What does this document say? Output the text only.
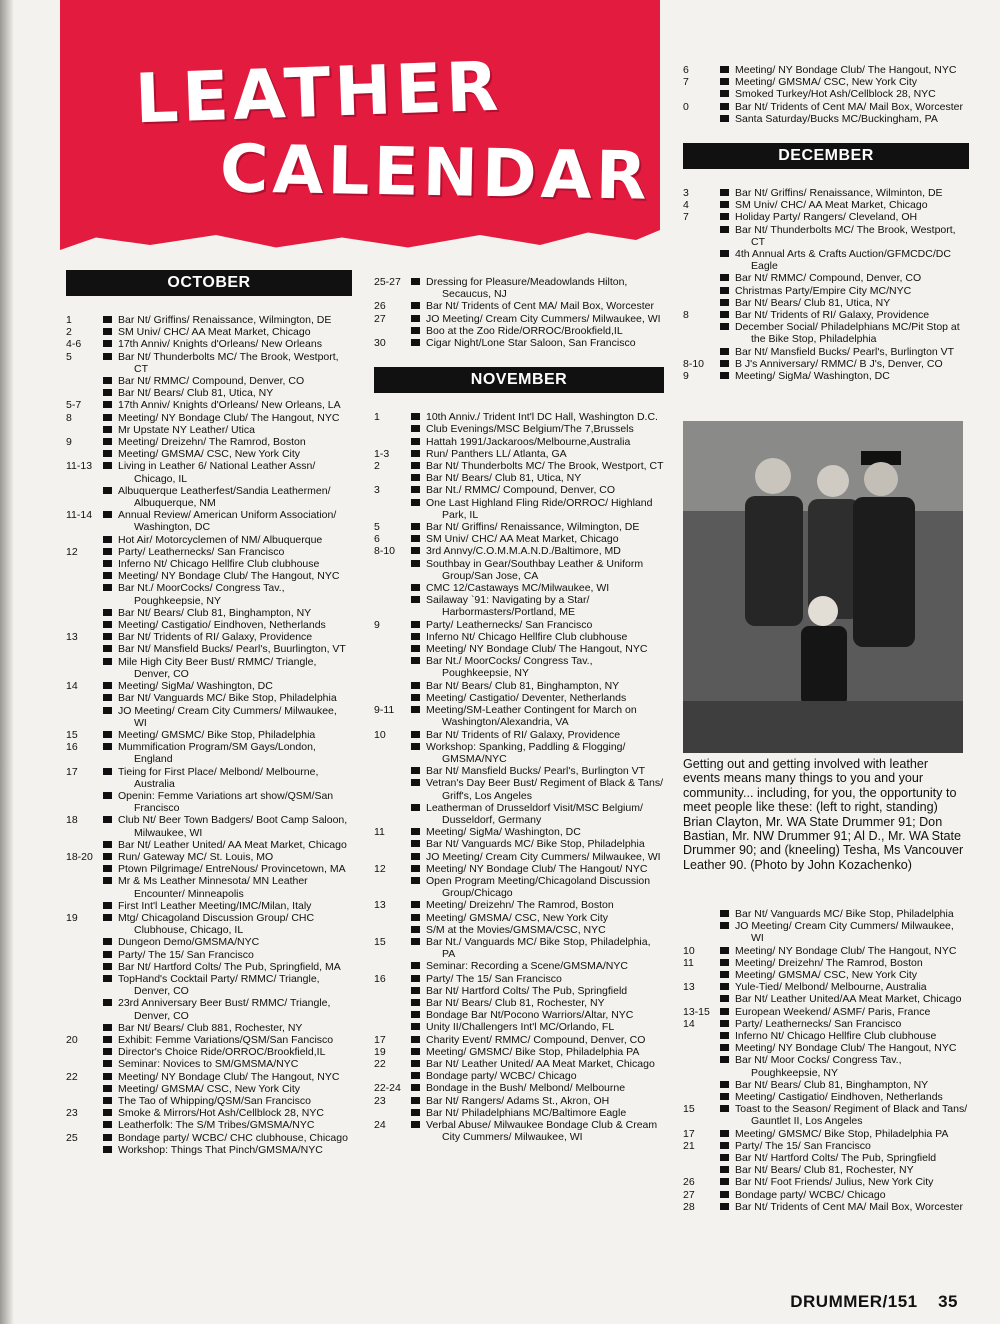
LEATHER
CALENDAR
OCTOBER
1	Bar Nt/ Griffins/ Renaissance, Wilmington, DE
2	SM Univ/ CHC/ AA Meat Market, Chicago
4-6	17th Anniv/ Knights d'Orleans/ New Orleans
5	Bar Nt/ Thunderbolts MC/ The Brook, Westport, CT
Bar Nt/ RMMC/ Compound, Denver, CO
Bar Nt/ Bears/ Club 81, Utica, NY
5-7	17th Anniv/ Knights d'Orleans/ New Orleans, LA
8	Meeting/ NY Bondage Club/ The Hangout, NYC
Mr Upstate NY Leather/ Utica
9	Meeting/ Dreizehn/ The Ramrod, Boston
Meeting/ GMSMA/ CSC, New York City
11-13	Living in Leather 6/ National Leather Assn/ Chicago, IL
Albuquerque Leatherfest/Sandia Leathermen/ Albuquerque, NM
11-14	Annual Review/ American Uniform Association/ Washington, DC
Hot Air/ Motorcyclemen of NM/ Albuquerque
12	Party/ Leathernecks/ San Francisco
Inferno Nt/ Chicago Hellfire Club clubhouse
Meeting/ NY Bondage Club/ The Hangout, NYC
Bar Nt./ MoorCocks/ Congress Tav., Poughkeepsie, NY
Bar Nt/ Bears/ Club 81, Binghampton, NY
Meeting/ Castigatio/ Eindhoven, Netherlands
13	Bar Nt/ Tridents of RI/ Galaxy, Providence
Bar Nt/ Mansfield Bucks/ Pearl's, Buurlington, VT
Mile High City Beer Bust/ RMMC/ Triangle, Denver, CO
14	Meeting/ SigMa/ Washington, DC
Bar Nt/ Vanguards MC/ Bike Stop, Philadelphia
JO Meeting/ Cream City Cummers/ Milwaukee, WI
15	Meeting/ GMSMC/ Bike Stop, Philadelphia
16	Mummification Program/SM Gays/London, England
17	Tieing for First Place/ Melbond/ Melbourne, Australia
Openin: Femme Variations art show/QSM/San Francisco
18	Club Nt/ Beer Town Badgers/ Boot Camp Saloon, Milwaukee, WI
Bar Nt/ Leather United/ AA Meat Market, Chicago
18-20	Run/ Gateway MC/ St. Louis, MO
Ptown Pilgrimage/ EntreNous/ Provincetown, MA
Mr & Ms Leather Minnesota/ MN Leather Encounter/ Minneapolis
First Int'l Leather Meeting/IMC/Milan, Italy
19	Mtg/ Chicagoland Discussion Group/ CHC Clubhouse, Chicago, IL
Dungeon Demo/GMSMA/NYC
Party/ The 15/ San Francisco
Bar Nt/ Hartford Colts/ The Pub, Springfield, MA
TopHand's Cocktail Party/ RMMC/ Triangle, Denver, CO
23rd Anniversary Beer Bust/ RMMC/ Triangle, Denver, CO
Bar Nt/ Bears/ Club 881, Rochester, NY
20	Exhibit: Femme Variations/QSM/San Fancisco
Director's Choice Ride/ORROC/Brookfield,IL
Seminar: Novices to SM/GMSMA/NYC
22	Meeting/ NY Bondage Club/ The Hangout, NYC
Meeting/ GMSMA/ CSC, New York City
The Tao of Whipping/QSM/San Francisco
23	Smoke & Mirrors/Hot Ash/Cellblock 28, NYC
Leatherfolk: The S/M Tribes/GMSMA/NYC
25	Bondage party/ WCBC/ CHC clubhouse, Chicago
Workshop: Things That Pinch/GMSMA/NYC
25-27	Dressing for Pleasure/Meadowlands Hilton, Secaucus, NJ
26	Bar Nt/ Tridents of Cent MA/ Mail Box, Worcester
27	JO Meeting/ Cream City Cummers/ Milwaukee, WI
Boo at the Zoo Ride/ORROC/Brookfield,IL
30	Cigar Night/Lone Star Saloon, San Francisco
NOVEMBER
1	10th Anniv./ Trident Int'l DC Hall, Washington D.C.
Club Evenings/MSC Belgium/The 7,Brussels
Hattah 1991/Jackaroos/Melbourne,Australia
1-3	Run/ Panthers LL/ Atlanta, GA
2	Bar Nt/ Thunderbolts MC/ The Brook, Westport, CT
Bar Nt/ Bears/ Club 81, Utica, NY
3	Bar Nt./ RMMC/ Compound, Denver, CO
One Last Highland Fling Ride/ORROC/ Highland Park, IL
5	Bar Nt/ Griffins/ Renaissance, Wilmington, DE
6	SM Univ/ CHC/ AA Meat Market, Chicago
8-10	3rd Annvy/C.O.M.M.A.N.D./Baltimore, MD
Southbay in Gear/Southbay Leather & Uniform Group/San Jose, CA
CMC 12/Castaways MC/Milwaukee, WI
Sailaway `91: Navigating by a Star/ Harbormasters/Portland, ME
9	Party/ Leathernecks/ San Francisco
Inferno Nt/ Chicago Hellfire Club clubhouse
Meeting/ NY Bondage Club/ The Hangout, NYC
Bar Nt./ MoorCocks/ Congress Tav., Poughkeepsie, NY
Bar Nt/ Bears/ Club 81, Binghampton, NY
Meeting/ Castigatio/ Deventer, Netherlands
9-11	Meeting/SM-Leather Contingent for March on Washington/Alexandria, VA
10	Bar Nt/ Tridents of RI/ Galaxy, Providence
Workshop: Spanking, Paddling & Flogging/ GMSMA/NYC
Bar Nt/ Mansfield Bucks/ Pearl's, Burlington VT
Vetran's Day Beer Bust/ Regiment of Black & Tans/ Griff's, Los Angeles
Leatherman of Drusseldorf Visit/MSC Belgium/ Dusseldorf, Germany
11	Meeting/ SigMa/ Washington, DC
Bar Nt/ Vanguards MC/ Bike Stop, Philadelphia
JO Meeting/ Cream City Cummers/ Milwaukee, WI
12	Meeting/ NY Bondage Club/ The Hangout/ NYC
Open Program Meeting/Chicagoland Discussion Group/Chicago
13	Meeting/ Dreizehn/ The Ramrod, Boston
Meeting/ GMSMA/ CSC, New York City
S/M at the Movies/GMSMA/CSC, NYC
15	Bar Nt./ Vanguards MC/ Bike Stop, Philadelphia, PA
Seminar: Recording a Scene/GMSMA/NYC
16	Party/ The 15/ San Francisco
Bar Nt/ Hartford Colts/ The Pub, Springfield
Bar Nt/ Bears/ Club 81, Rochester, NY
Bondage Bar Nt/Pocono Warriors/Altar, NYC
Unity II/Challengers Int'l MC/Orlando, FL
17	Charity Event/ RMMC/ Compound, Denver, CO
19	Meeting/ GMSMC/ Bike Stop, Philadelphia PA
22	Bar Nt/ Leather United/ AA Meat Market, Chicago
Bondage party/ WCBC/ Chicago
22-24	Bondage in the Bush/ Melbond/ Melbourne
23	Bar Nt/ Rangers/ Adams St., Akron, OH
Bar Nt/ Philadelphians MC/Baltimore Eagle
24	Verbal Abuse/ Milwaukee Bondage Club & Cream City Cummers/ Milwaukee, WI
6	Meeting/ NY Bondage Club/ The Hangout, NYC
7	Meeting/ GMSMA/ CSC, New York City
Smoked Turkey/Hot Ash/Cellblock 28, NYC
0	Bar Nt/ Tridents of Cent MA/ Mail Box, Worcester
Santa Saturday/Bucks MC/Buckingham, PA
DECEMBER
3	Bar Nt/ Griffins/ Renaissance, Wilminton, DE
4	SM Univ/ CHC/ AA Meat Market, Chicago
7	Holiday Party/ Rangers/ Cleveland, OH
Bar Nt/ Thunderbolts MC/ The Brook, Westport, CT
4th Annual Arts & Crafts Auction/GFMCDC/DC Eagle
Bar Nt/ RMMC/ Compound, Denver, CO
Christmas Party/Empire City MC/NYC
Bar Nt/ Bears/ Club 81, Utica, NY
8	Bar Nt/ Tridents of RI/ Galaxy, Providence
December Social/ Philadelphians MC/Pit Stop at the Bike Stop, Philadelphia
Bar Nt/ Mansfield Bucks/ Pearl's, Burlington VT
8-10	B J's Anniversary/ RMMC/ B J's, Denver, CO
9	Meeting/ SigMa/ Washington, DC
Getting out and getting involved with leather events means many things to you and your community... including, for you, the opportunity to meet people like these: (left to right, standing) Brian Clayton, Mr. WA State Drummer 91; Don Bastian, Mr. NW Drummer 91; Al D., Mr. WA State Drummer 90; and (kneeling) Tesha, Ms Vancouver Leather 90. (Photo by John Kozachenko)
Bar Nt/ Vanguards MC/ Bike Stop, Philadelphia
JO Meeting/ Cream City Cummers/ Milwaukee, WI
10	Meeting/ NY Bondage Club/ The Hangout, NYC
11	Meeting/ Dreizehn/ The Ramrod, Boston
Meeting/ GMSMA/ CSC, New York City
13	Yule-Tied/ Melbond/ Melbourne, Australia
Bar Nt/ Leather United/AA Meat Market, Chicago
13-15	European Weekend/ ASMF/ Paris, France
14	Party/ Leathernecks/ San Francisco
Inferno Nt/ Chicago Hellfire Club clubhouse
Meeting/ NY Bondage Club/ The Hangout, NYC
Bar Nt/ Moor Cocks/ Congress Tav., Poughkeepsie, NY
Bar Nt/ Bears/ Club 81, Binghampton, NY
Meeting/ Castigatio/ Eindhoven, Netherlands
15	Toast to the Season/ Regiment of Black and Tans/ Gauntlet II, Los Angeles
17	Meeting/ GMSMC/ Bike Stop, Philadelphia PA
21	Party/ The 15/ San Francisco
Bar Nt/ Hartford Colts/ The Pub, Springfield
Bar Nt/ Bears/ Club 81, Rochester, NY
26	Bar Nt/ Foot Friends/ Julius, New York City
27	Bondage party/ WCBC/ Chicago
28	Bar Nt/ Tridents of Cent MA/ Mail Box, Worcester
DRUMMER/151 35
